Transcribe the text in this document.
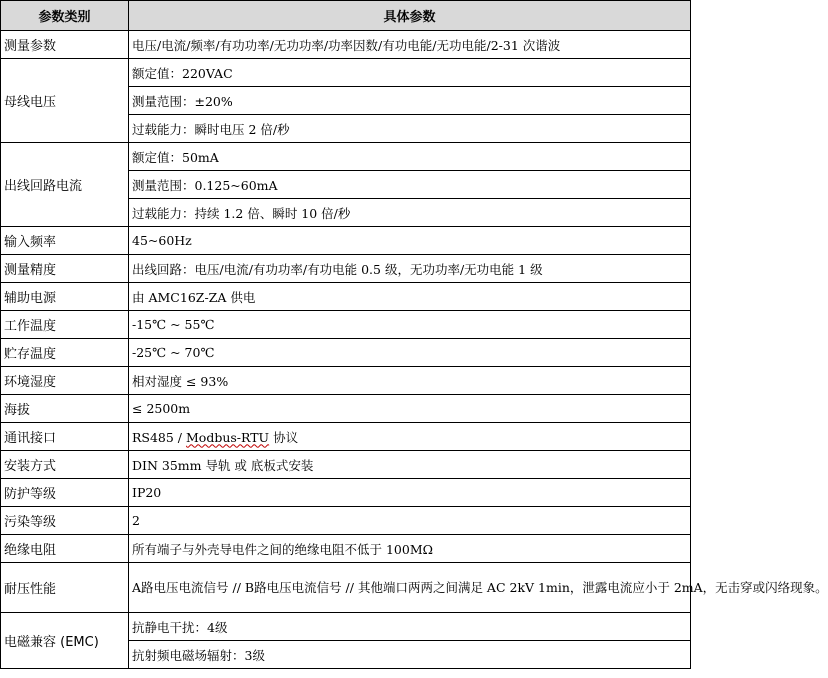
参数类别	具体参数
测量参数	电压/电流/频率/有功功率/无功功率/功率因数/有功电能/无功电能/2-31 次谐波
母线电压	额定值：220VAC
	测量范围：±20%
	过载能力：瞬时电压 2 倍/秒
出线回路电流	额定值：50mA
	测量范围：0.125~60mA
	过载能力：持续 1.2 倍、瞬时 10 倍/秒
输入频率	45~60Hz
测量精度	出线回路：电压/电流/有功功率/有功电能 0.5 级，无功功率/无功电能 1 级
辅助电源	由 AMC16Z-ZA 供电
工作温度	-15℃ ~ 55℃
贮存温度	-25℃ ~ 70℃
环境湿度	相对湿度 ≤ 93%
海拔	≤ 2500m
通讯接口	RS485 / Modbus-RTU 协议
安装方式	DIN 35mm 导轨 或 底板式安装
防护等级	IP20
污染等级	2
绝缘电阻	所有端子与外壳导电件之间的绝缘电阻不低于 100MΩ
耐压性能	A路电压电流信号 // B路电压电流信号 // 其他端口两两之间满足 AC 2kV 1min，泄露电流应小于 2mA，无击穿或闪络现象。
电磁兼容 (EMC)	抗静电干扰：4级
	抗射频电磁场辐射：3级
